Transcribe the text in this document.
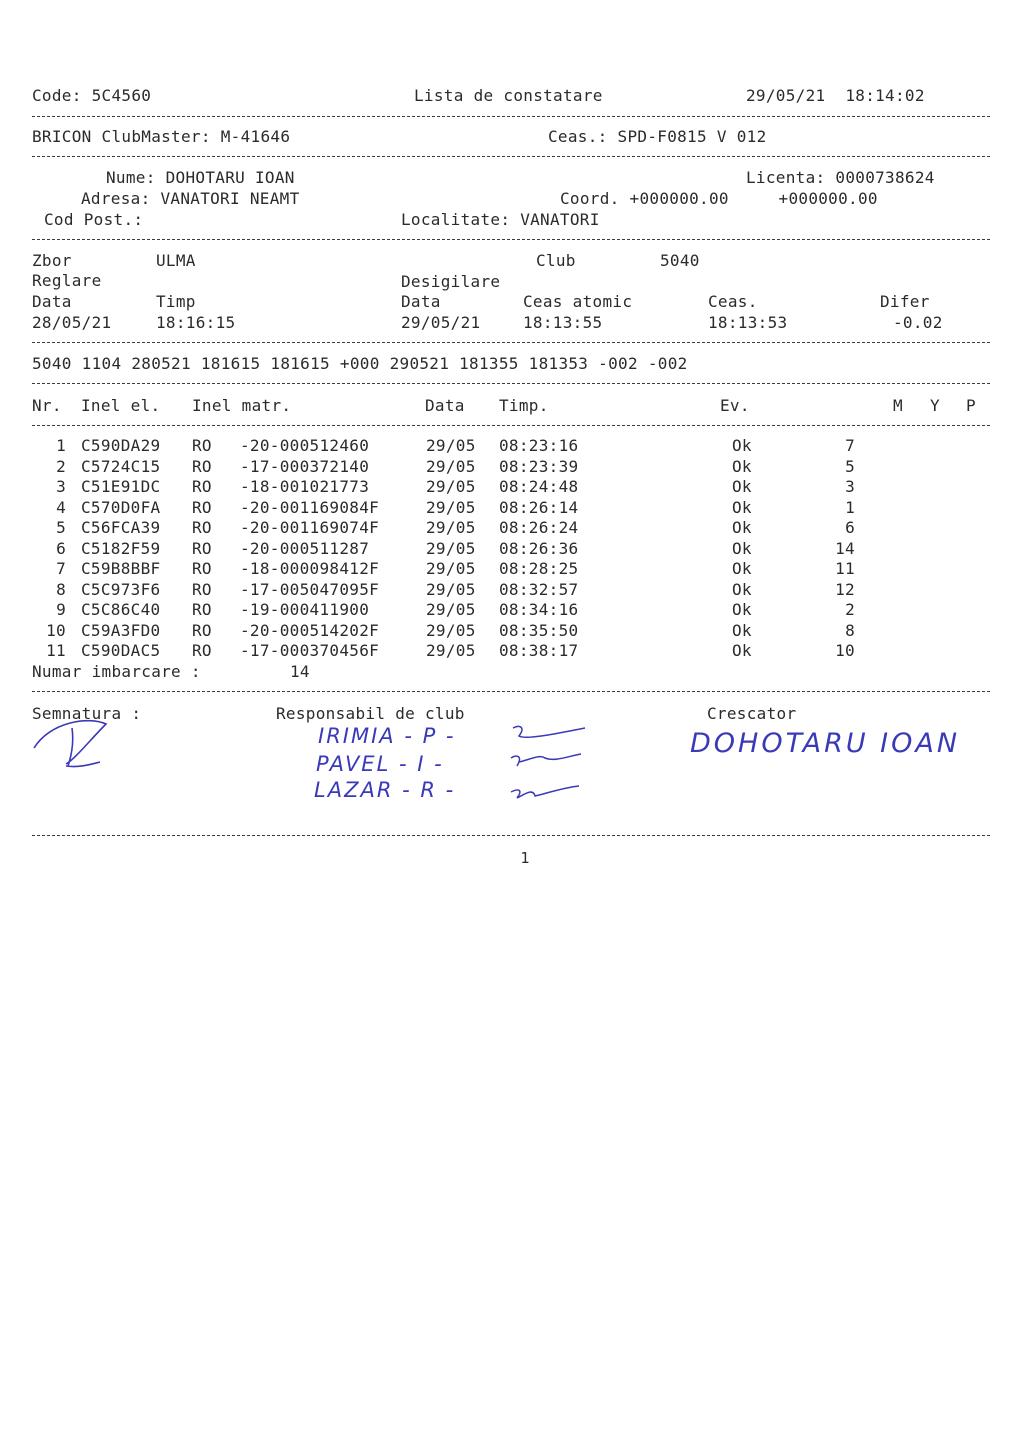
Code: 5C4560	Lista de constatare	29/05/21  18:14:02
BRICON ClubMaster: M-41646	Ceas.: SPD-F0815 V 012
Nume: DOHOTARU IOAN	Licenta: 0000738624
Adresa: VANATORI NEAMT	Coord. +000000.00     +000000.00
Cod Post.:	Localitate: VANATORI
Zbor	ULMA	Club	5040
Reglare	Desigilare
Data	Timp	Data	Ceas atomic	Ceas.	Difer
28/05/21	18:16:15	29/05/21	18:13:55	18:13:53	-0.02
5040 1104 280521 181615 181615 +000 290521 181355 181353 -002 -002
Nr. Inel el. Inel matr.	Data Timp.	Ev.	M Y P
1 C590DA29 RO -20-000512460	29/05 08:23:16	Ok	7
2 C5724C15 RO -17-000372140	29/05 08:23:39	Ok	5
3 C51E91DC RO -18-001021773	29/05 08:24:48	Ok	3
4 C570D0FA RO -20-001169084F	29/05 08:26:14	Ok	1
5 C56FCA39 RO -20-001169074F	29/05 08:26:24	Ok	6
6 C5182F59 RO -20-000511287	29/05 08:26:36	Ok	14
7 C59B8BBF RO -18-000098412F	29/05 08:28:25	Ok	11
8 C5C973F6 RO -17-005047095F	29/05 08:32:57	Ok	12
9 C5C86C40 RO -19-000411900	29/05 08:34:16	Ok	2
10 C59A3FD0 RO -20-000514202F	29/05 08:35:50	Ok	8
11 C590DAC5 RO -17-000370456F	29/05 08:38:17	Ok	10
Numar imbarcare :	14
Semnatura :	Responsabil de club	Crescator
IRIMIA - P -
PAVEL - I -
LAZAR - R -
DOHOTARU IOAN
1
